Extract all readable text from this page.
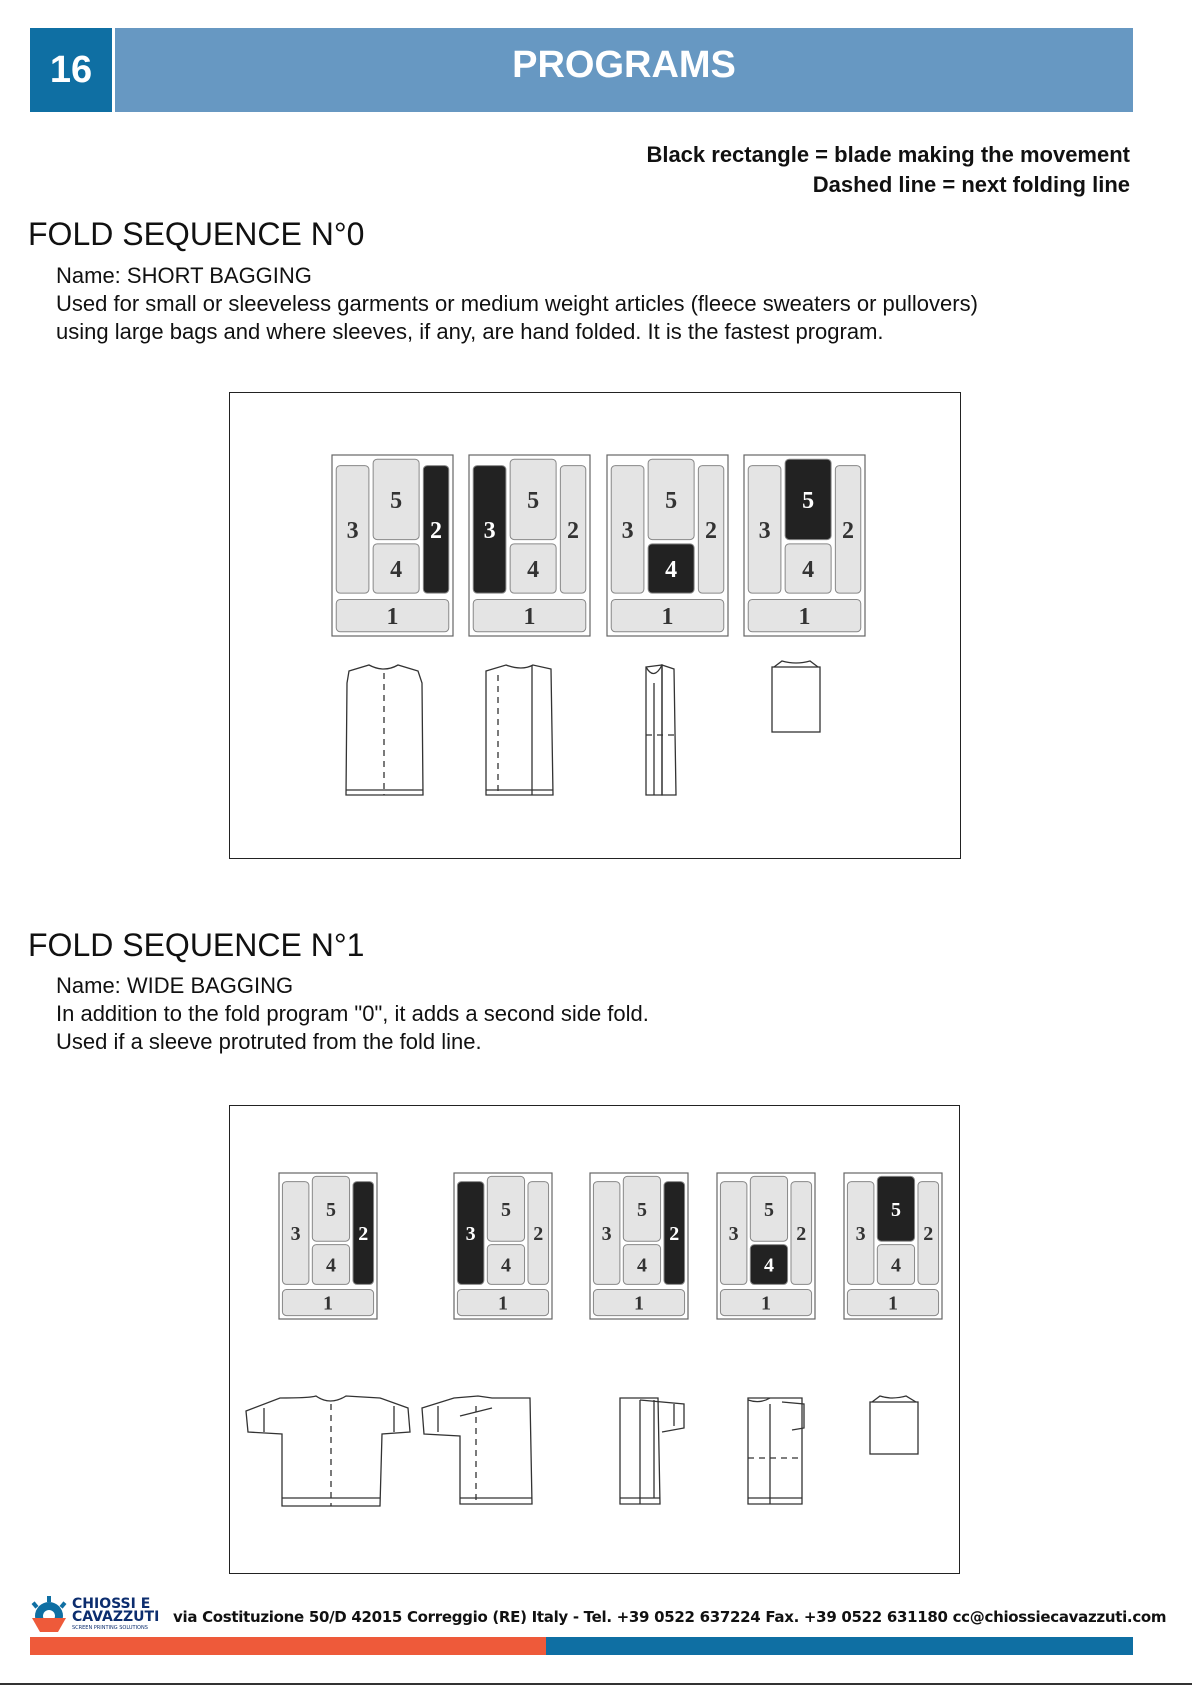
16	PROGRAMS
Black rectangle = blade making the movement
Dashed line = next folding line
FOLD SEQUENCE N°0
Name: SHORT BAGGING
Used for small or sleeveless garments or medium weight articles (fleece sweaters or pullovers)
using large bags and where sleeves, if any, are hand folded. It is the fastest program.
1
2
3
4
5
1
2
3
4
5
1
2
3
4
5
1
2
3
4
5
FOLD SEQUENCE N°1
Name: WIDE BAGGING
In addition to the fold program "0", it adds a second side fold.
Used if a sleeve protruted from the fold line.
1
2
3
4
5
1
2
3
4
5
1
2
3
4
5
1
2
3
4
5
1
2
3
4
5
CHIOSSI E
CAVAZZUTI
SCREEN PRINTING SOLUTIONS
via Costituzione 50/D 42015 Correggio (RE) Italy - Tel. +39 0522 637224 Fax. +39 0522 631180 cc@chiossiecavazzuti.com
